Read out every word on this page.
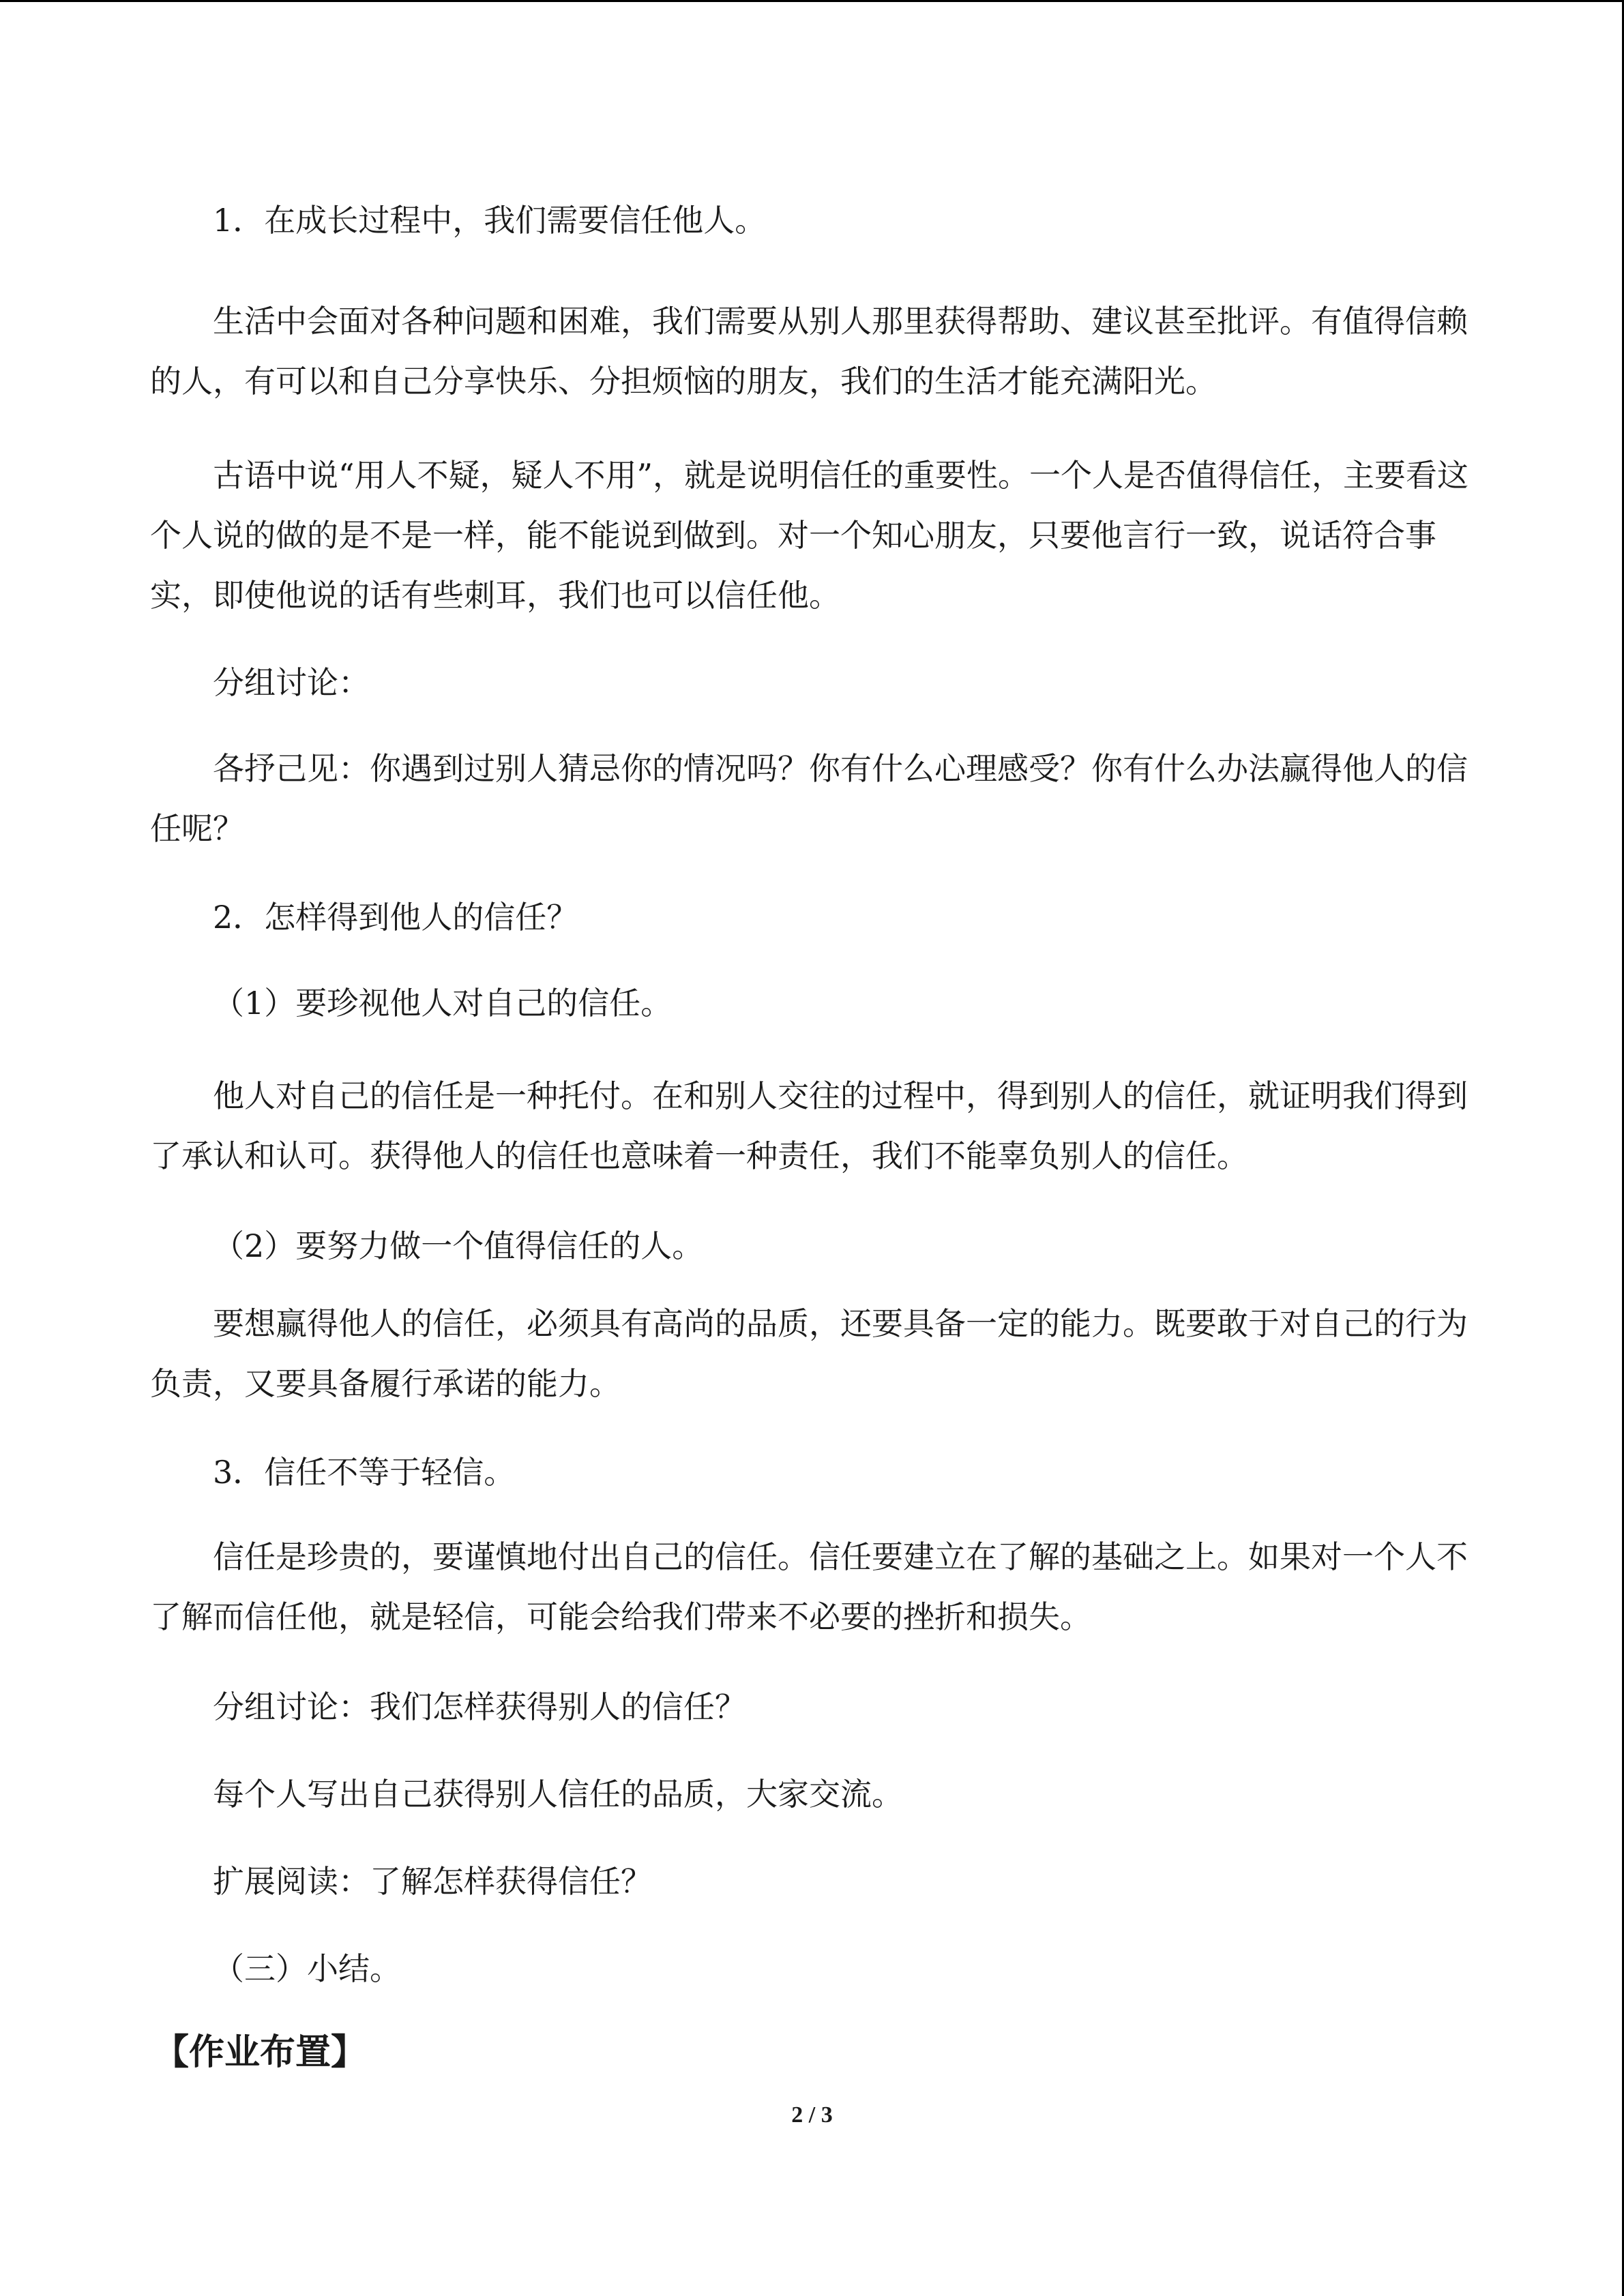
1．在成长过程中，我们需要信任他人。

生活中会面对各种问题和困难，我们需要从别人那里获得帮助、建议甚至批评。有值得信赖的人，有可以和自己分享快乐、分担烦恼的朋友，我们的生活才能充满阳光。

古语中说“用人不疑，疑人不用”，就是说明信任的重要性。一个人是否值得信任，主要看这个人说的做的是不是一样，能不能说到做到。对一个知心朋友，只要他言行一致，说话符合事实，即使他说的话有些刺耳，我们也可以信任他。

分组讨论：

各抒己见：你遇到过别人猜忌你的情况吗？你有什么心理感受？你有什么办法赢得他人的信任呢？

2．怎样得到他人的信任？

（1）要珍视他人对自己的信任。

他人对自己的信任是一种托付。在和别人交往的过程中，得到别人的信任，就证明我们得到了承认和认可。获得他人的信任也意味着一种责任，我们不能辜负别人的信任。

（2）要努力做一个值得信任的人。

要想赢得他人的信任，必须具有高尚的品质，还要具备一定的能力。既要敢于对自己的行为负责，又要具备履行承诺的能力。

3．信任不等于轻信。

信任是珍贵的，要谨慎地付出自己的信任。信任要建立在了解的基础之上。如果对一个人不了解而信任他，就是轻信，可能会给我们带来不必要的挫折和损失。

分组讨论：我们怎样获得别人的信任？

每个人写出自己获得别人信任的品质，大家交流。

扩展阅读：了解怎样获得信任？

（三）小结。

【作业布置】
2 / 3
